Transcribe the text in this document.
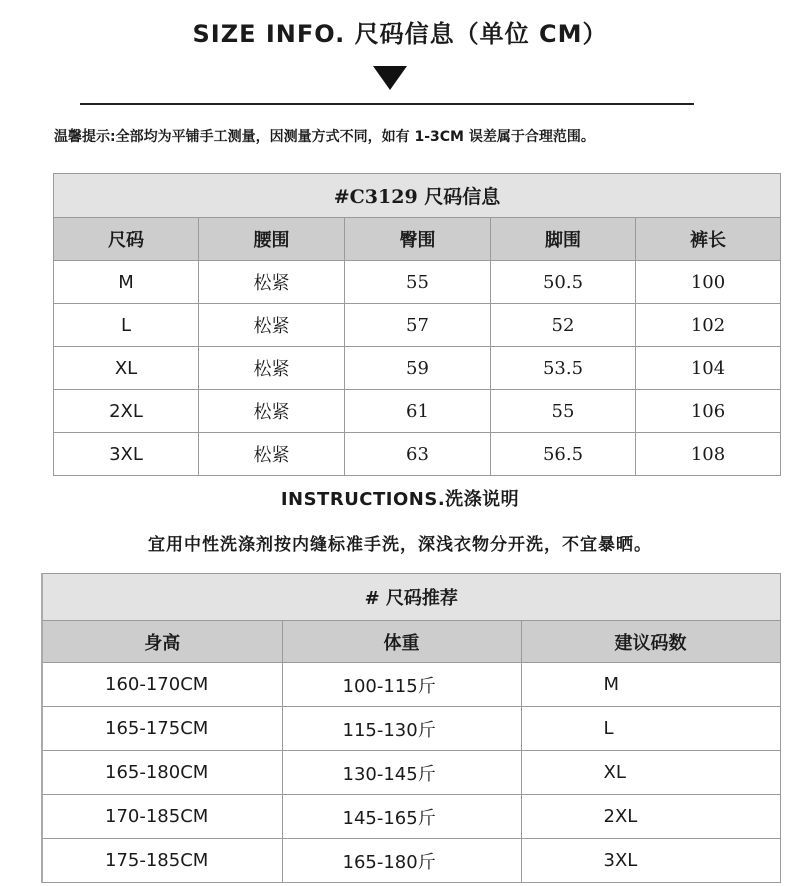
SIZE INFO. 尺码信息（单位 CM）
温馨提示:全部均为平铺手工测量，因测量方式不同，如有 1-3CM 误差属于合理范围。
#C3129 尺码信息				
尺码	腰围	臀围	脚围	裤长
M	松紧	55	50.5	100
L	松紧	57	52	102
XL	松紧	59	53.5	104
2XL	松紧	61	55	106
3XL	松紧	63	56.5	108
INSTRUCTIONS.洗涤说明
宜用中性洗涤剂按内缝标准手洗，深浅衣物分开洗，不宜暴晒。
# 尺码推荐		
身高	体重	建议码数
160-170CM	100-115斤	M
165-175CM	115-130斤	L
165-180CM	130-145斤	XL
170-185CM	145-165斤	2XL
175-185CM	165-180斤	3XL
